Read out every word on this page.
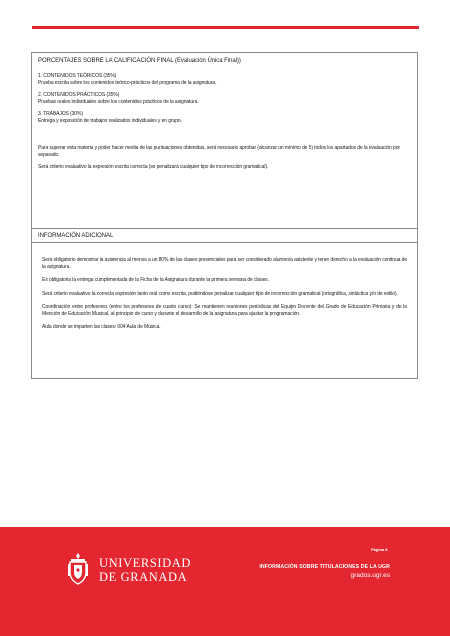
PORCENTAJES SOBRE LA CALIFICACIÓN FINAL (Evaluación Única Final))

1. CONTENIDOS TEÓRICOS (35%)
Prueba escrita sobre los contenidos teórico-prácticos del programa de la asignatura.

2. CONTENIDOS PRÁCTICOS (35%)
Pruebas orales individuales sobre los contenidos prácticos de la asignatura.

3. TRABAJOS (30%)
Entrega y exposición de trabajos realizados individuales y en grupo.

Para superar esta materia y poder hacer media de las puntuaciones obtenidas, será necesario aprobar (alcanzar un mínimo de 5) todos los apartados de la evaluación por separado.

Será criterio evaluativo la expresión escrita correcta (se penalizará cualquier tipo de incorrección gramatical).

INFORMACIÓN ADICIONAL

Será obligatorio demostrar la asistencia al menos a un 80% de las clases presenciales para ser considerado alumno/a asistente y tener derecho a la evaluación continua de la asignatura.

Es obligatoria la entrega cumplimentada de la Ficha de la Asignatura durante la primera semana de clases.

Será criterio evaluativo la correcta expresión tanto oral como escrita, pudiéndose penalizar cualquier tipo de incorrección gramatical (ortográfica, sintáctica y/o de estilo).

Coordinación entre profesores (entre los profesores de cuarto curso): Se mantienen reuniones periódicas del Equipo Docente del Grado de Educación Primaria y de la Mención de Educación Musical, al principio de curso y durante el desarrollo de la asignatura para ajustar la programación.

Aula donde se imparten las clases: 004 Aula de Música.

UNIVERSIDAD
DE GRANADA
Página 8
INFORMACIÓN SOBRE TITULACIONES DE LA UGR
grados.ugr.es
